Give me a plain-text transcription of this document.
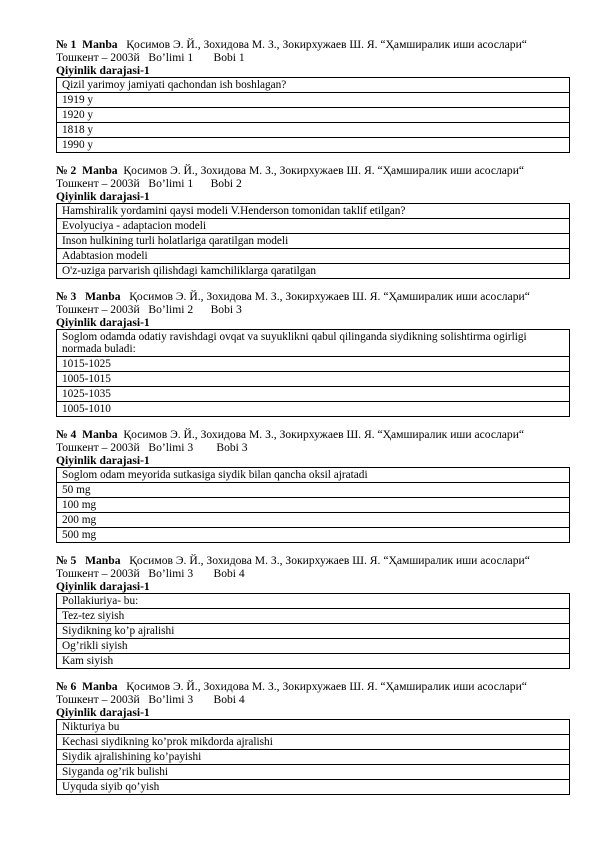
№ 1 Manba Қосимов Э. Й., Зохидова М. З., Зокирхужаев Ш. Я. “Ҳамширалик иши асослари“
Тошкент – 2003й Bo’limi 1 Bobi 1
Qiyinlik darajasi-1
Qizil yarimoy jamiyati qachondan ish boshlagan?
1919 y
1920 y
1818 y
1990 y
№ 2 Manba Қосимов Э. Й., Зохидова М. З., Зокирхужаев Ш. Я. “Ҳамширалик иши асослари“
Тошкент – 2003й Bo’limi 1 Bobi 2
Qiyinlik darajasi-1
Hamshiralik yordamini qaysi modeli V.Henderson tomonidan taklif etilgan?
Evolyuciya - adaptacion modeli
Inson hulkining turli holatlariga qaratilgan modeli
Adabtasion modeli
O'z-uziga parvarish qilishdagi kamchiliklarga qaratilgan
№ 3 Manba Қосимов Э. Й., Зохидова М. З., Зокирхужаев Ш. Я. “Ҳамширалик иши асослари“
Тошкент – 2003й Bo’limi 2 Bobi 3
Qiyinlik darajasi-1
Soglom odamda odatiy ravishdagi ovqat va suyuklikni qabul qilinganda siydikning solishtirma ogirligi normada buladi:
1015-1025
1005-1015
1025-1035
1005-1010
№ 4 Manba Қосимов Э. Й., Зохидова М. З., Зокирхужаев Ш. Я. “Ҳамширалик иши асослари“
Тошкент – 2003й Bo’limi 3 Bobi 3
Qiyinlik darajasi-1
Soglom odam meyorida sutkasiga siydik bilan qancha oksil ajratadi
50 mg
100 mg
200 mg
500 mg
№ 5 Manba Қосимов Э. Й., Зохидова М. З., Зокирхужаев Ш. Я. “Ҳамширалик иши асослари“
Тошкент – 2003й Bo’limi 3 Bobi 4
Qiyinlik darajasi-1
Pollakiuriya- bu:
Tez-tez siyish
Siydikning ko’p ajralishi
Og’rikli siyish
Kam siyish
№ 6 Manba Қосимов Э. Й., Зохидова М. З., Зокирхужаев Ш. Я. “Ҳамширалик иши асослари“
Тошкент – 2003й Bo’limi 3 Bobi 4
Qiyinlik darajasi-1
Nikturiya bu
Kechasi siydikning ko’prok mikdorda ajralishi
Siydik ajralishining ko’payishi
Siyganda og’rik bulishi
Uyquda siyib qo’yish
